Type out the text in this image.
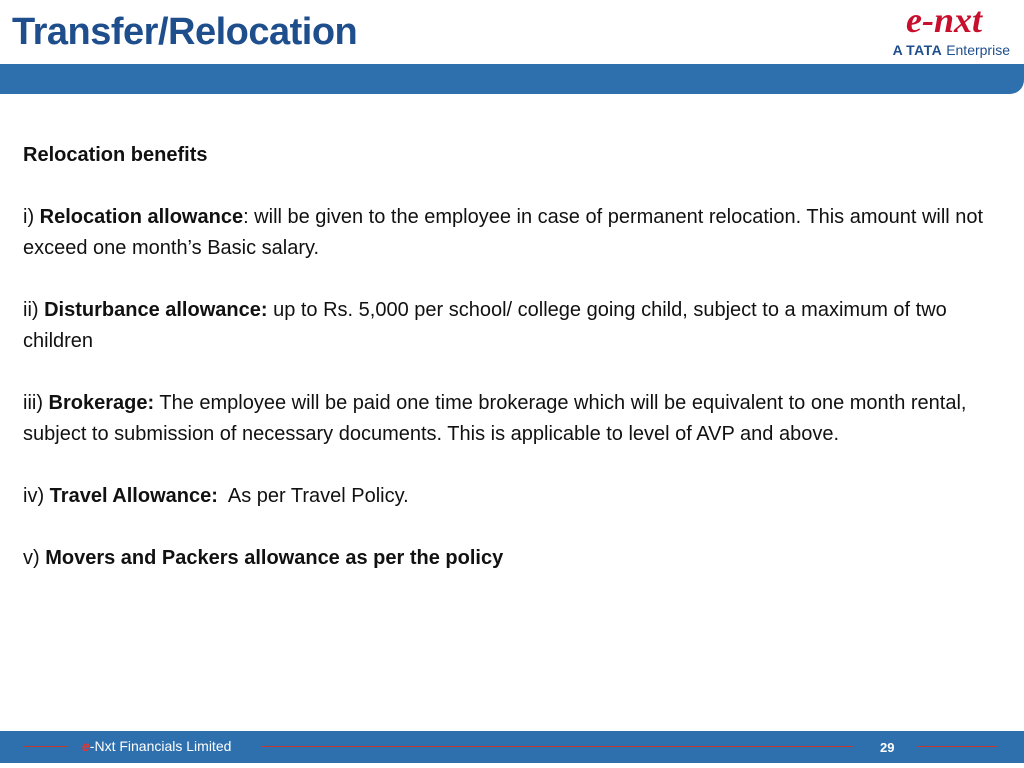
Transfer/Relocation	e-nxt
A TATA Enterprise

Relocation benefits

i) Relocation allowance: will be given to the employee in case of permanent relocation. This amount will not exceed one month’s Basic salary.

ii) Disturbance allowance: up to Rs. 5,000 per school/ college going child, subject to a maximum of two children

iii) Brokerage: The employee will be paid one time brokerage which will be equivalent to one month rental, subject to submission of necessary documents. This is applicable to level of AVP and above.

iv) Travel Allowance:  As per Travel Policy.

v) Movers and Packers allowance as per the policy

e-Nxt Financials Limited	29
